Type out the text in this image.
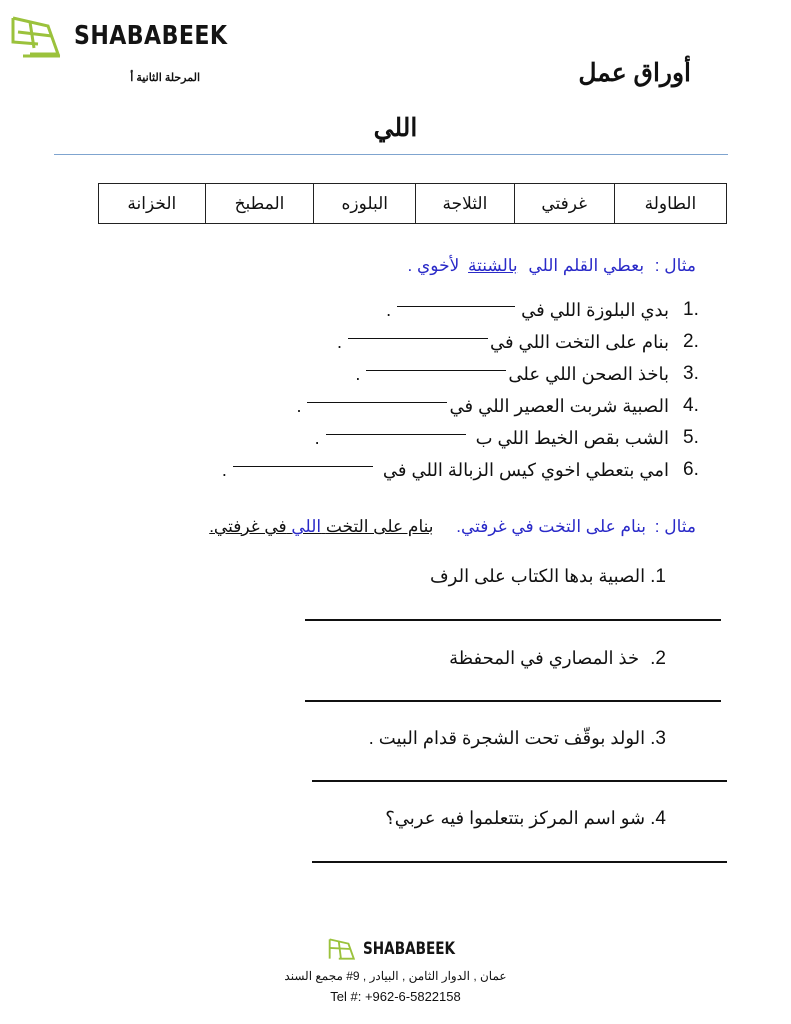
SHABABEEK
المرحلة الثانية أ	أوراق عمل
اللي
الطاولة	غرفتي	الثلاجة	البلوزه	المطبخ	الخزانة
مثال : بعطي القلم اللي بالشنتة لأخوي .
1.
بدي البلوزة اللي في
.
2.
بنام على التخت اللي في
.
3.
باخذ الصحن اللي على
.
4.
الصبية شربت العصير اللي في
.
5.
الشب بقص الخيط اللي ب
.
6.
امي بتعطي اخوي كيس الزبالة اللي في
.
مثال : بنام على التخت في غرفتي. بنام على التخت اللي في غرفتي.
1. الصبية بدها الكتاب على الرف
2. خذ المصاري في المحفظة
3. الولد بوقّف تحت الشجرة قدام البيت .
4. شو اسم المركز بتتعلموا فيه عربي؟
SHABABEEK
عمان , الدوار الثامن , البيادر , 9# مجمع السند
Tel #: +962-6-5822158
